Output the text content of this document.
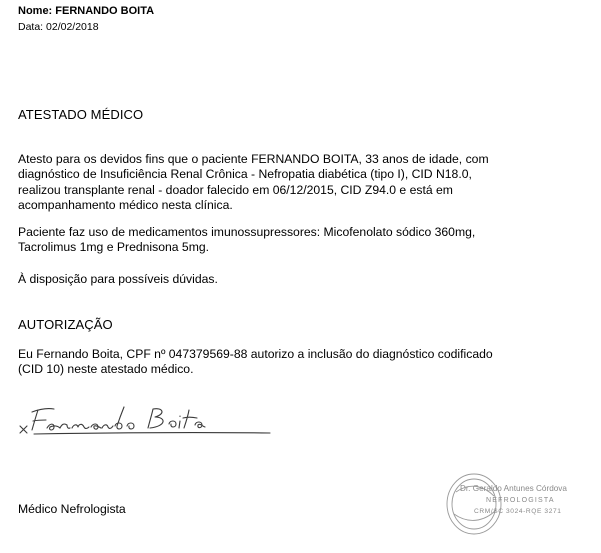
Nome: FERNANDO BOITA
Data: 02/02/2018
ATESTADO MÉDICO
Atesto para os devidos fins que o paciente FERNANDO BOITA, 33 anos de idade, com
diagnóstico de Insuficiência Renal Crônica - Nefropatia diabética (tipo I), CID N18.0,
realizou transplante renal - doador falecido em 06/12/2015, CID Z94.0 e está em
acompanhamento médico nesta clínica.
Paciente faz uso de medicamentos imunossupressores: Micofenolato sódico 360mg,
Tacrolimus 1mg e Prednisona 5mg.
À disposição para possíveis dúvidas.
AUTORIZAÇÃO
Eu Fernando Boita, CPF nº 047379569-88 autorizo a inclusão do diagnóstico codificado
(CID 10) neste atestado médico.
Médico Nefrologista
Dr. Geraldo Antunes Córdova
NEFROLOGISTA
CRM/SC 3024-RQE 3271
